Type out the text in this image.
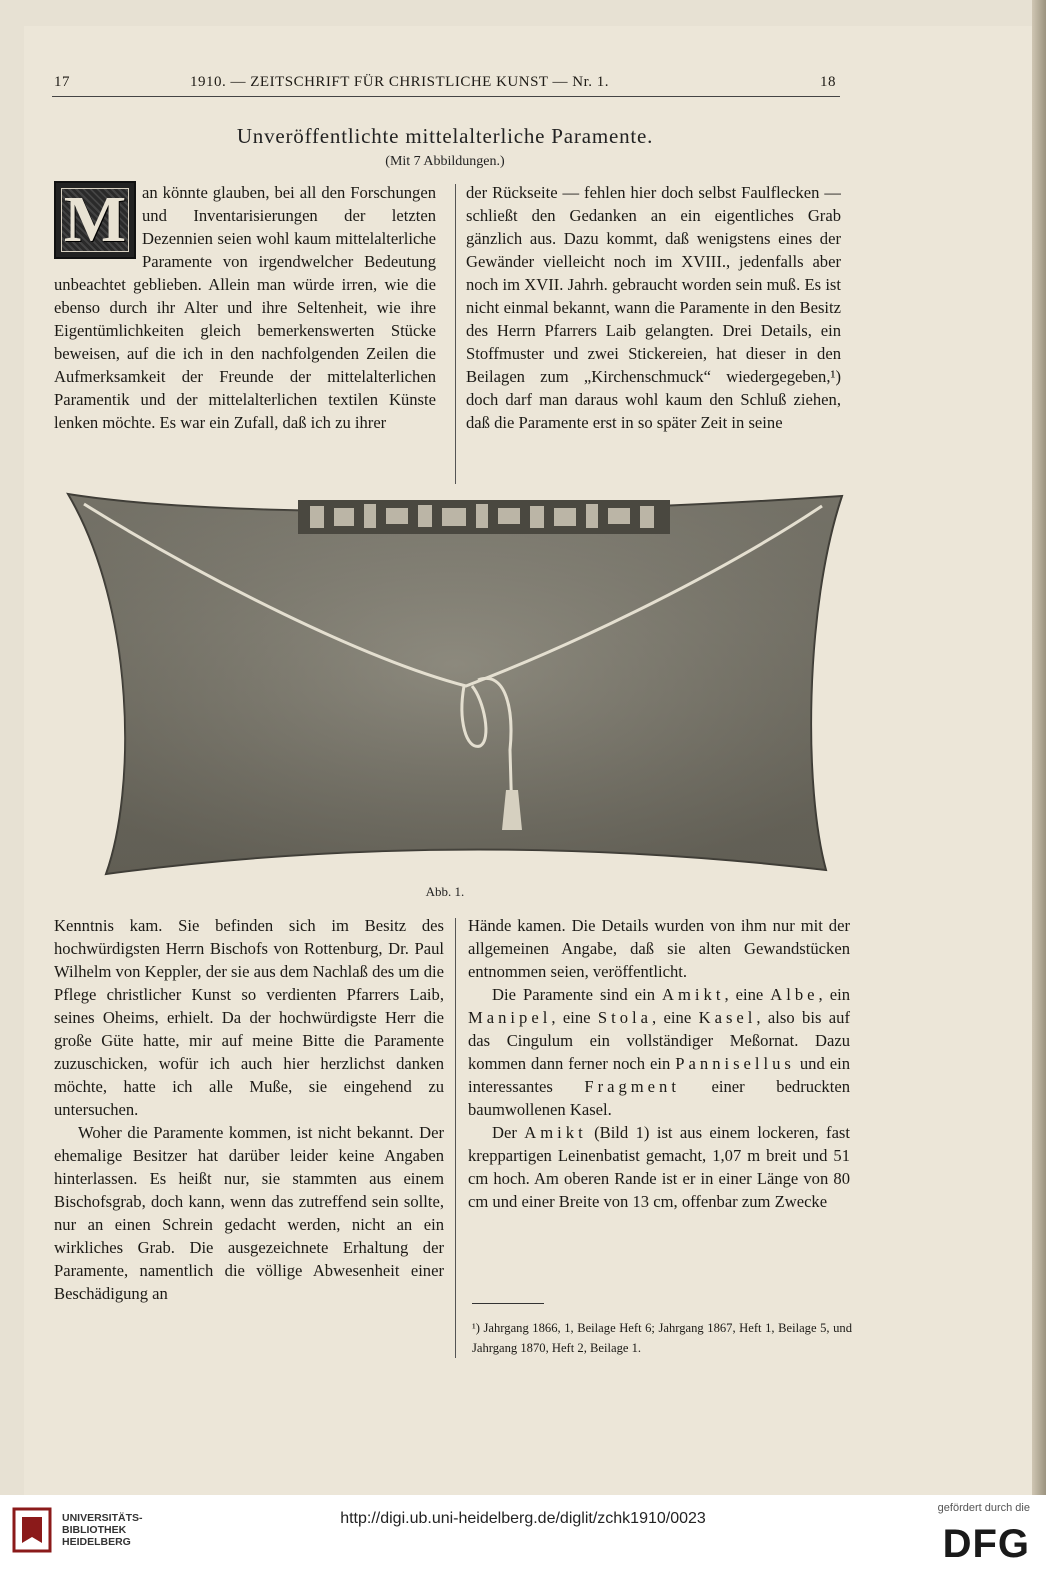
17	1910. — ZEITSCHRIFT FÜR CHRISTLICHE KUNST — Nr. 1.	18
Unveröffentlichte mittelalterliche Paramente.
(Mit 7 Abbildungen.)
M an könnte glauben, bei all den Forschungen und Inventarisierungen der letzten Dezennien seien wohl kaum mittelalterliche Paramente von irgendwelcher Bedeutung unbeachtet geblieben. Allein man würde irren, wie die ebenso durch ihr Alter und ihre Seltenheit, wie ihre Eigentümlichkeiten gleich bemerkenswerten Stücke beweisen, auf die ich in den nachfolgenden Zeilen die Aufmerksamkeit der Freunde der mittelalterlichen Paramentik und der mittelalterlichen textilen Künste lenken möchte. Es war ein Zufall, daß ich zu ihrer

der Rückseite — fehlen hier doch selbst Faulflecken — schließt den Gedanken an ein eigentliches Grab gänzlich aus. Dazu kommt, daß wenigstens eines der Gewänder vielleicht noch im XVIII., jedenfalls aber noch im XVII. Jahrh. gebraucht worden sein muß. Es ist nicht einmal bekannt, wann die Paramente in den Besitz des Herrn Pfarrers Laib gelangten. Drei Details, ein Stoffmuster und zwei Stickereien, hat dieser in den Beilagen zum „Kirchenschmuck“ wiedergegeben,¹) doch darf man daraus wohl kaum den Schluß ziehen, daß die Paramente erst in so später Zeit in seine

Abb. 1.

Kenntnis kam. Sie befinden sich im Besitz des hochwürdigsten Herrn Bischofs von Rottenburg, Dr. Paul Wilhelm von Keppler, der sie aus dem Nachlaß des um die Pflege christlicher Kunst so verdienten Pfarrers Laib, seines Oheims, erhielt. Da der hochwürdigste Herr die große Güte hatte, mir auf meine Bitte die Paramente zuzuschicken, wofür ich auch hier herzlichst danken möchte, hatte ich alle Muße, sie eingehend zu untersuchen.

Woher die Paramente kommen, ist nicht bekannt. Der ehemalige Besitzer hat darüber leider keine Angaben hinterlassen. Es heißt nur, sie stammten aus einem Bischofsgrab, doch kann, wenn das zutreffend sein sollte, nur an einen Schrein gedacht werden, nicht an ein wirkliches Grab. Die ausgezeichnete Erhaltung der Paramente, namentlich die völlige Abwesenheit einer Beschädigung an

Hände kamen. Die Details wurden von ihm nur mit der allgemeinen Angabe, daß sie alten Gewandstücken entnommen seien, veröffentlicht.

Die Paramente sind ein Amikt, eine Albe, ein Manipel, eine Stola, eine Kasel, also bis auf das Cingulum ein vollständiger Meßornat. Dazu kommen dann ferner noch ein Pannisellus und ein interessantes Fragment einer bedruckten baumwollenen Kasel.

Der Amikt (Bild 1) ist aus einem lockeren, fast kreppartigen Leinenbatist gemacht, 1,07 m breit und 51 cm hoch. Am oberen Rande ist er in einer Länge von 80 cm und einer Breite von 13 cm, offenbar zum Zwecke

¹) Jahrgang 1866, 1, Beilage Heft 6; Jahrgang 1867, Heft 1, Beilage 5, und Jahrgang 1870, Heft 2, Beilage 1.
UNIVERSITÄTS-
BIBLIOTHEK
HEIDELBERG
http://digi.ub.uni-heidelberg.de/diglit/zchk1910/0023
gefördert durch die
DFG
